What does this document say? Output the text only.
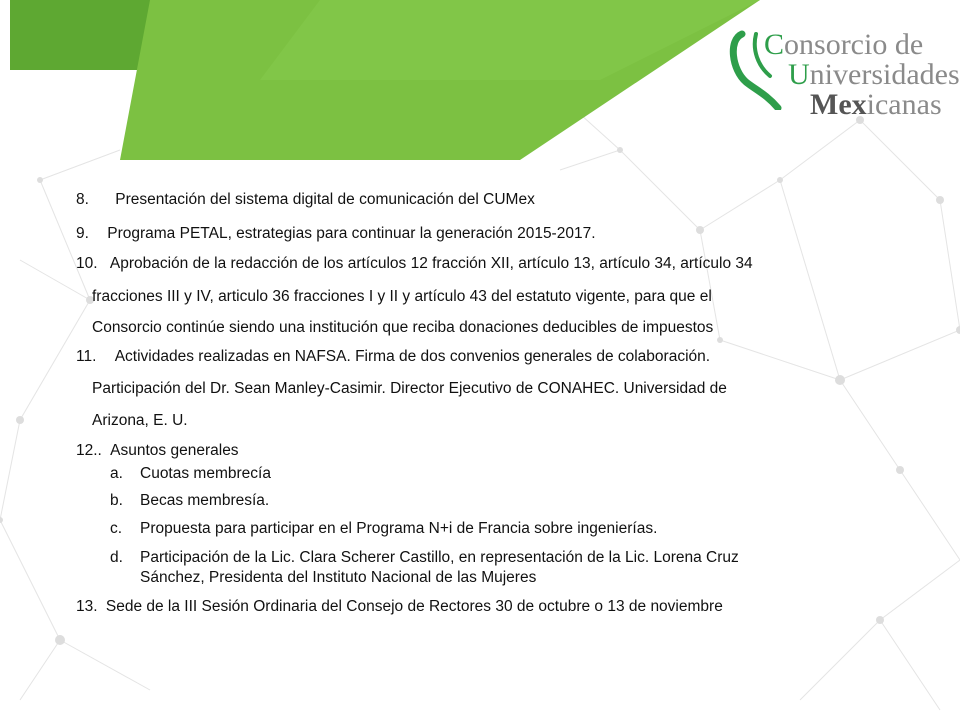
Consorcio de
Universidades
Mexicanas
8. Presentación del sistema digital de comunicación del CUMex
9. Programa PETAL, estrategias para continuar la generación 2015-2017.
10. Aprobación de la redacción de los artículos 12 fracción XII, artículo 13, artículo 34, artículo 34
fracciones III y IV, articulo 36 fracciones I y II y artículo 43 del estatuto vigente, para que el
Consorcio continúe siendo una institución que reciba donaciones deducibles de impuestos
11. Actividades realizadas en NAFSA. Firma de dos convenios generales de colaboración.
Participación del Dr. Sean Manley-Casimir. Director Ejecutivo de CONAHEC. Universidad de
Arizona, E. U.
12.. Asuntos generales
a. Cuotas membrecía
b. Becas membresía.
c. Propuesta para participar en el Programa N+i de Francia sobre ingenierías.
d. Participación de la Lic. Clara Scherer Castillo, en representación de la Lic. Lorena Cruz
Sánchez, Presidenta del Instituto Nacional de las Mujeres
13. Sede de la III Sesión Ordinaria del Consejo de Rectores 30 de octubre o 13 de noviembre
